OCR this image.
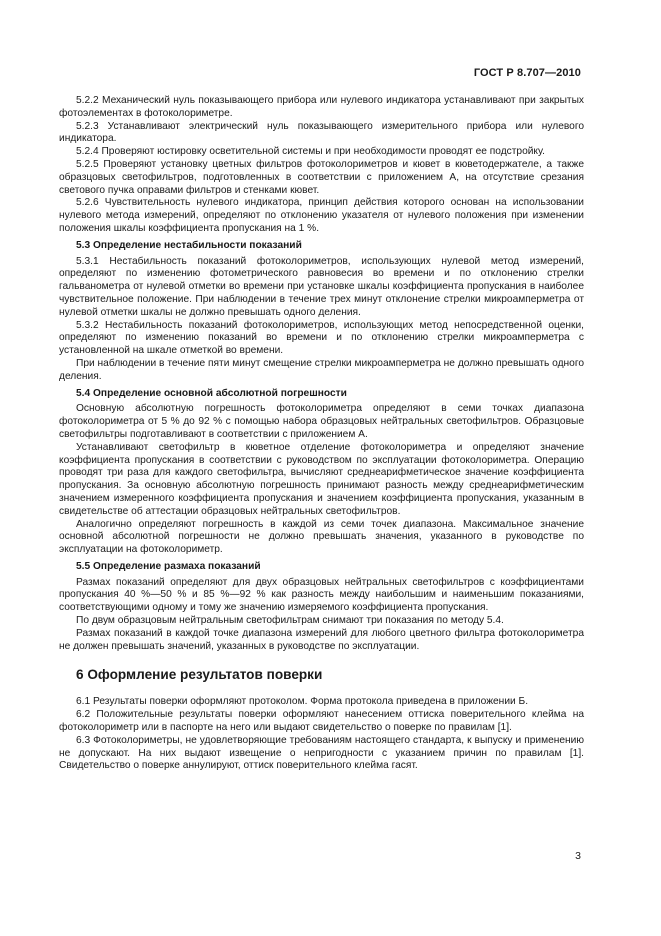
ГОСТ Р 8.707—2010

5.2.2 Механический нуль показывающего прибора или нулевого индикатора устанавливают при закрытых фотоэлементах в фотоколориметре.

5.2.3 Устанавливают электрический нуль показывающего измерительного прибора или нулевого индикатора.

5.2.4 Проверяют юстировку осветительной системы и при необходимости проводят ее подстройку.

5.2.5 Проверяют установку цветных фильтров фотоколориметров и кювет в кюветодержателе, а также образцовых светофильтров, подготовленных в соответствии с приложением А, на отсутствие срезания светового пучка оправами фильтров и стенками кювет.

5.2.6 Чувствительность нулевого индикатора, принцип действия которого основан на использовании нулевого метода измерений, определяют по отклонению указателя от нулевого положения при изменении положения шкалы коэффициента пропускания на 1 %.

5.3 Определение нестабильности показаний

5.3.1 Нестабильность показаний фотоколориметров, использующих нулевой метод измерений, определяют по изменению фотометрического равновесия во времени и по отклонению стрелки гальванометра от нулевой отметки во времени при установке шкалы коэффициента пропускания в наиболее чувствительное положение. При наблюдении в течение трех минут отклонение стрелки микроамперметра от нулевой отметки шкалы не должно превышать одного деления.

5.3.2 Нестабильность показаний фотоколориметров, использующих метод непосредственной оценки, определяют по изменению показаний во времени и по отклонению стрелки микроамперметра с установленной на шкале отметкой во времени.

При наблюдении в течение пяти минут смещение стрелки микроамперметра не должно превышать одного деления.

5.4 Определение основной абсолютной погрешности

Основную абсолютную погрешность фотоколориметра определяют в семи точках диапазона фотоколориметра от 5 % до 92 % с помощью набора образцовых нейтральных светофильтров. Образцовые светофильтры подготавливают в соответствии с приложением А.

Устанавливают светофильтр в кюветное отделение фотоколориметра и определяют значение коэффициента пропускания в соответствии с руководством по эксплуатации фотоколориметра. Операцию проводят три раза для каждого светофильтра, вычисляют среднеарифметическое значение коэффициента пропускания. За основную абсолютную погрешность принимают разность между среднеарифметическим значением измеренного коэффициента пропускания и значением коэффициента пропускания, указанным в свидетельстве об аттестации образцовых нейтральных светофильтров.

Аналогично определяют погрешность в каждой из семи точек диапазона. Максимальное значение основной абсолютной погрешности не должно превышать значения, указанного в руководстве по эксплуатации на фотоколориметр.

5.5 Определение размаха показаний

Размах показаний определяют для двух образцовых нейтральных светофильтров с коэффициентами пропускания 40 %—50 % и 85 %—92 % как разность между наибольшим и наименьшим показаниями, соответствующими одному и тому же значению измеряемого коэффициента пропускания.

По двум образцовым нейтральным светофильтрам снимают три показания по методу 5.4.

Размах показаний в каждой точке диапазона измерений для любого цветного фильтра фотоколориметра не должен превышать значений, указанных в руководстве по эксплуатации.

6 Оформление результатов поверки

6.1 Результаты поверки оформляют протоколом. Форма протокола приведена в приложении Б.

6.2 Положительные результаты поверки оформляют нанесением оттиска поверительного клейма на фотоколориметр или в паспорте на него или выдают свидетельство о поверке по правилам [1].

6.3 Фотоколориметры, не удовлетворяющие требованиям настоящего стандарта, к выпуску и применению не допускают. На них выдают извещение о непригодности с указанием причин по правилам [1]. Свидетельство о поверке аннулируют, оттиск поверительного клейма гасят.

3
